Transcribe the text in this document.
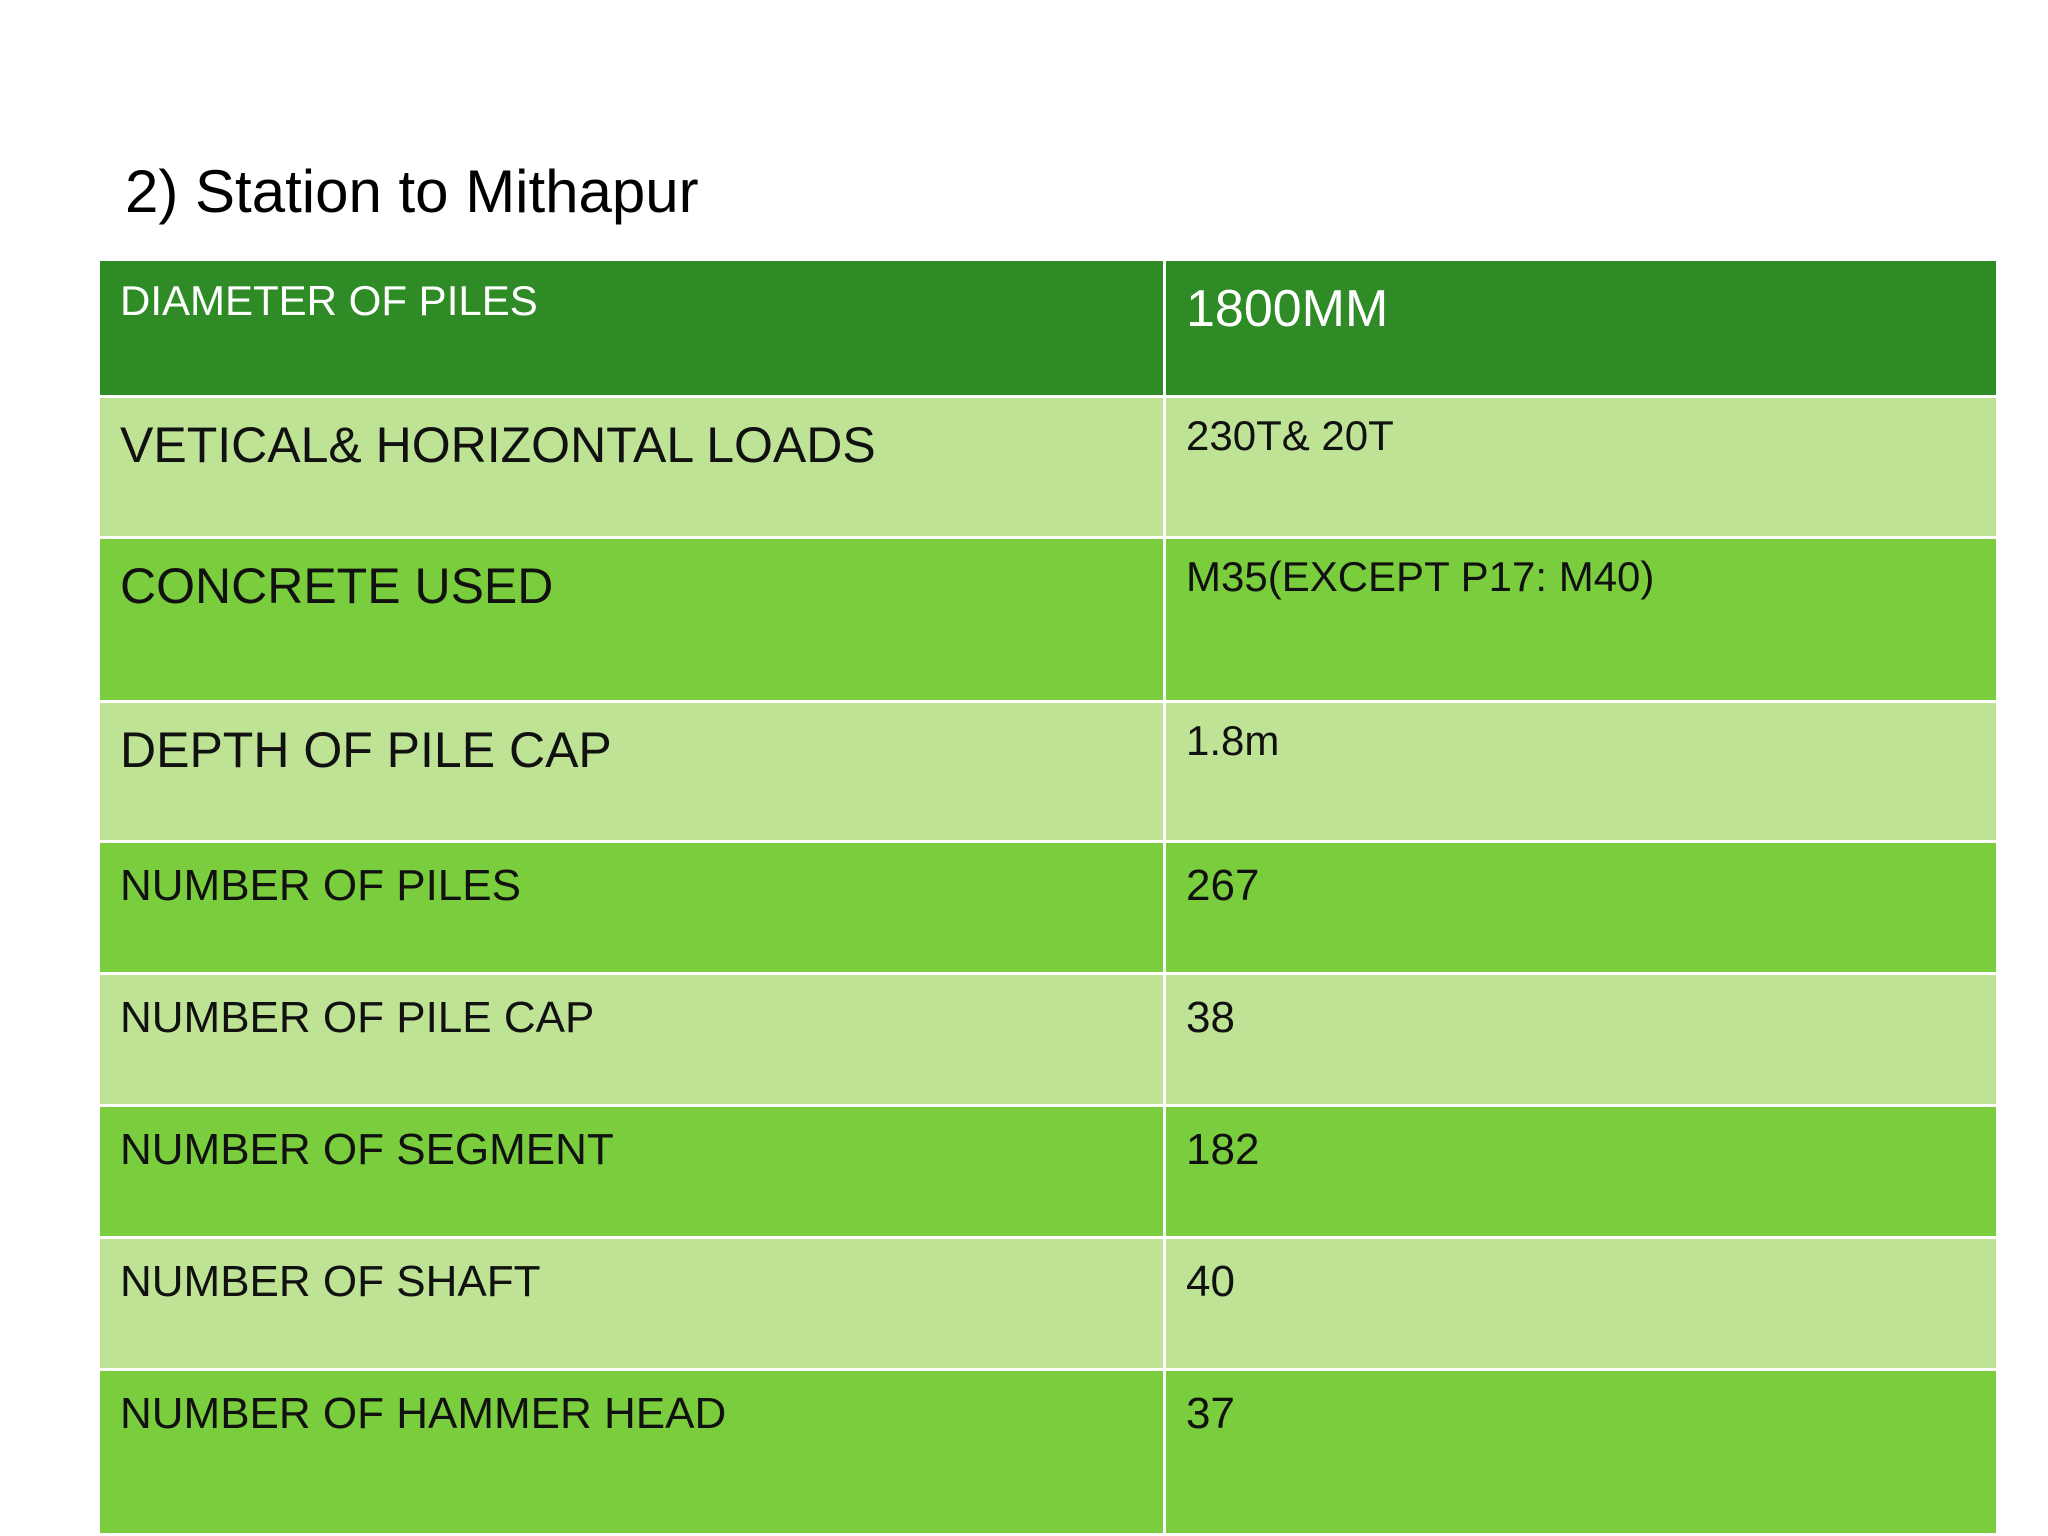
2) Station to Mithapur
DIAMETER OF PILES	1800MM
VETICAL& HORIZONTAL LOADS	230T& 20T
CONCRETE USED	M35(EXCEPT P17: M40)
DEPTH OF PILE CAP	1.8m
NUMBER OF PILES	267
NUMBER OF PILE CAP	38
NUMBER OF SEGMENT	182
NUMBER OF SHAFT	40
NUMBER OF HAMMER HEAD	37
